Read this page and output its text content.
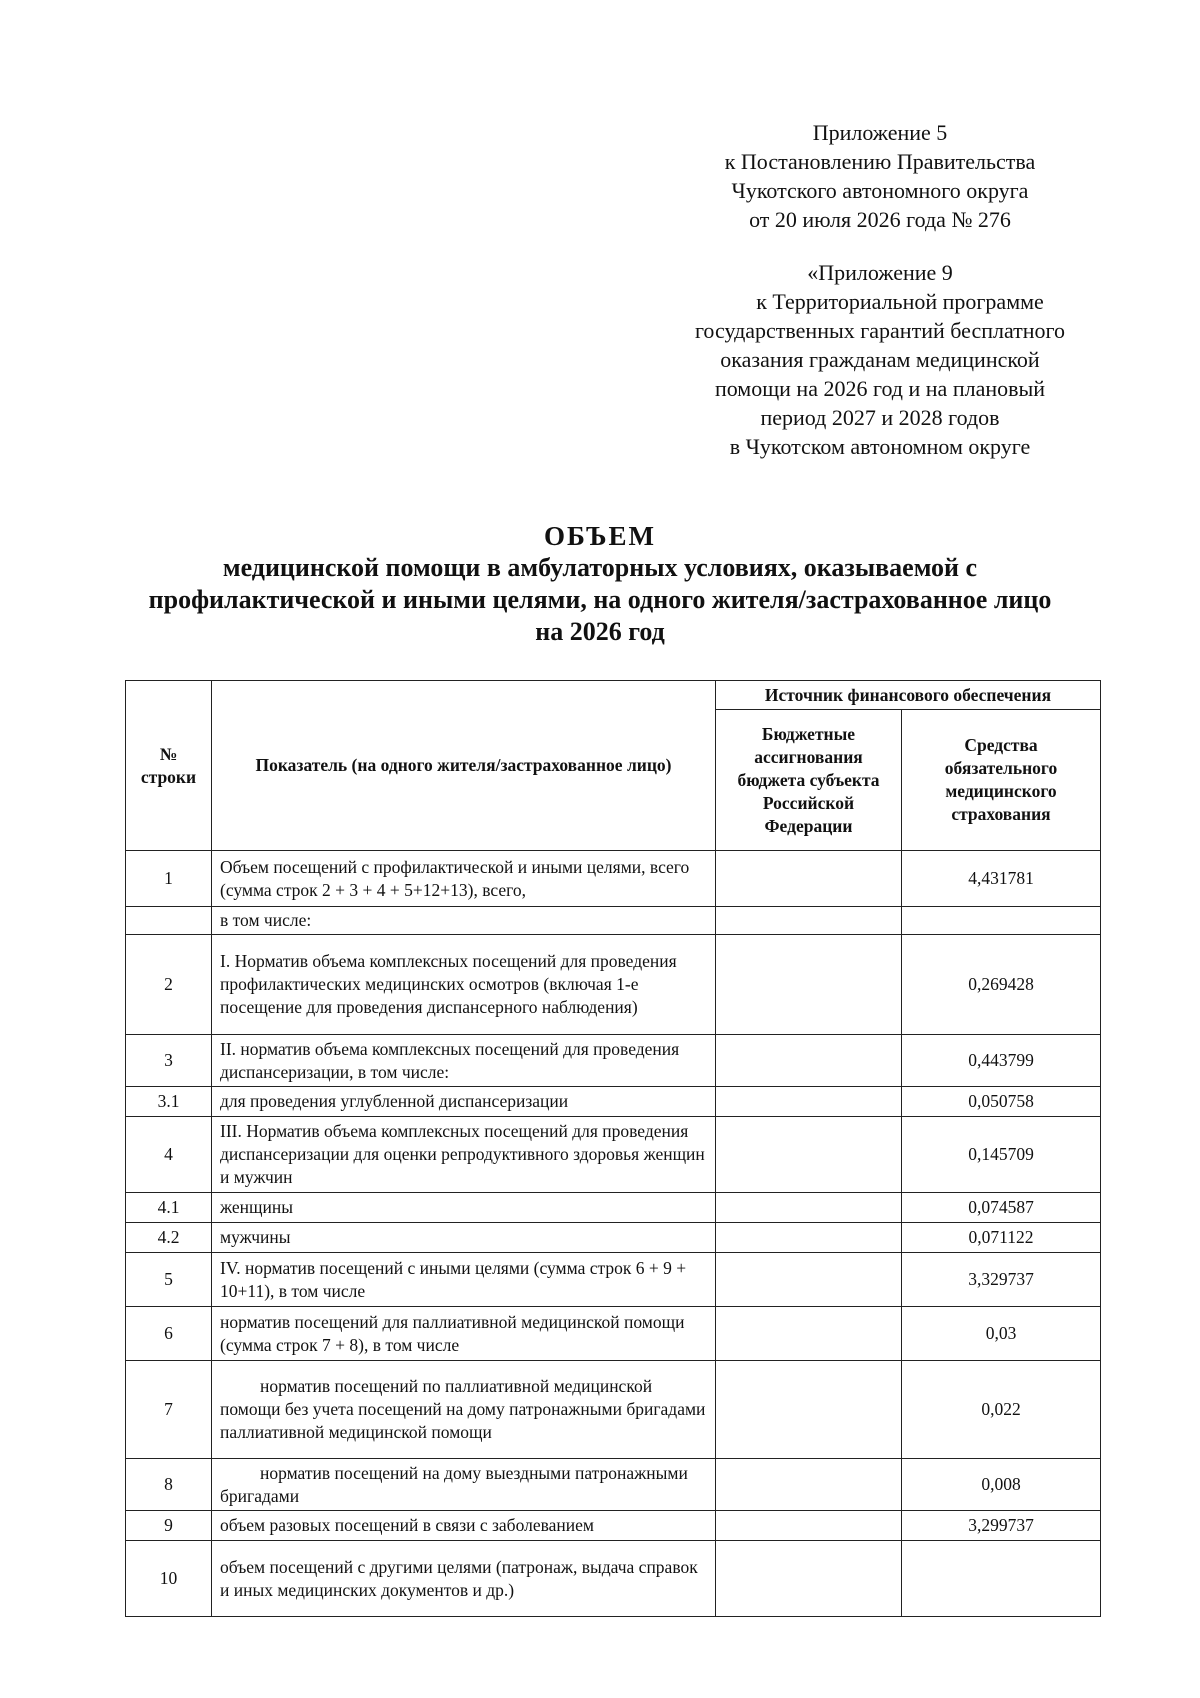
Приложение 5
к Постановлению Правительства
Чукотского автономного округа
от 20 июля 2026 года № 276
«Приложение 9
к Территориальной программе
государственных гарантий бесплатного
оказания гражданам медицинской
помощи на 2026 год и на плановый
период 2027 и 2028 годов
в Чукотском автономном округе
ОБЪЕМ
медицинской помощи в амбулаторных условиях, оказываемой с
профилактической и иными целями, на одного жителя/застрахованное лицо
на 2026 год
№ строки	Показатель (на одного жителя/застрахованное лицо)	Источник финансового обеспечения	
		Бюджетные ассигнования бюджета субъекта Российской Федерации	Средства обязательного медицинского страхования
1	Объем посещений с профилактической и иными целями, всего (сумма строк 2 + 3 + 4 + 5+12+13), всего,		4,431781
	в том числе:		
2	I. Норматив объема комплексных посещений для проведения профилактических медицинских осмотров (включая 1-е посещение для проведения диспансерного наблюдения)		0,269428
3	II. норматив объема комплексных посещений для проведения диспансеризации, в том числе:		0,443799
3.1	для проведения углубленной диспансеризации		0,050758
4	III. Норматив объема комплексных посещений для проведения диспансеризации для оценки репродуктивного здоровья женщин и мужчин		0,145709
4.1	женщины		0,074587
4.2	мужчины		0,071122
5	IV. норматив посещений с иными целями (сумма строк 6 + 9 + 10+11), в том числе		3,329737
6	норматив посещений для паллиативной медицинской помощи (сумма строк 7 + 8), в том числе		0,03
7	норматив посещений по паллиативной медицинской помощи без учета посещений на дому патронажными бригадами паллиативной медицинской помощи		0,022
8	норматив посещений на дому выездными патронажными бригадами		0,008
9	объем разовых посещений в связи с заболеванием		3,299737
10	объем посещений с другими целями (патронаж, выдача справок и иных медицинских документов и др.)		
